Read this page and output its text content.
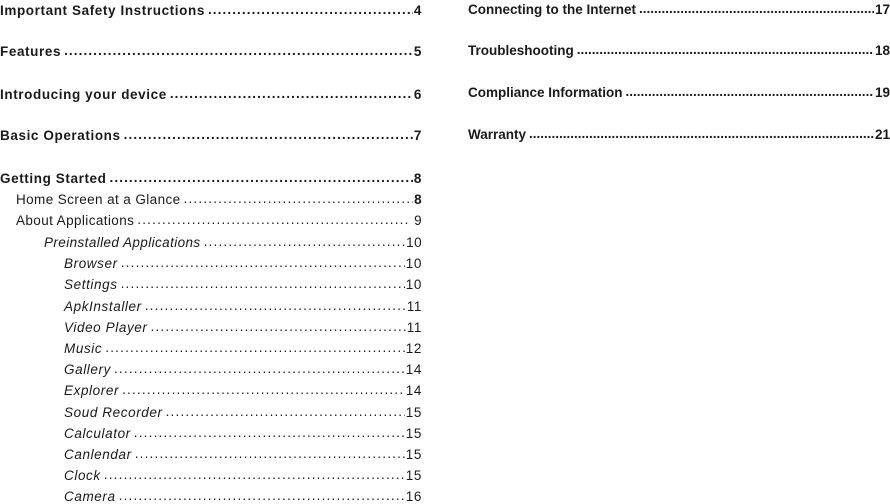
Important Safety Instructions .....	4
Features .....	5
Introducing your device .....	6
Basic Operations .....	7
Getting Started .....	8
Home Screen at a Glance .....	8
About Applications .....	9
Preinstalled Applications .....	10
Browser .....	10
Settings .....	10
ApkInstaller .....	11
Video Player .....	11
Music .....	12
Gallery .....	14
Explorer .....	14
Soud Recorder .....	15
Calculator .....	15
Canlendar .....	15
Clock .....	15
Camera .....	16
Connecting to the Internet .....	17
Troubleshooting .....	18
Compliance Information .....	19
Warranty .....	21
